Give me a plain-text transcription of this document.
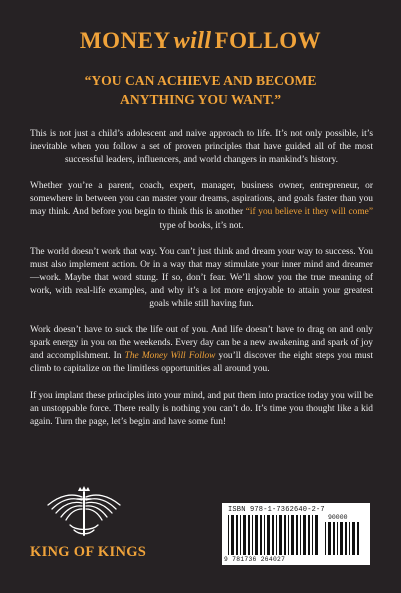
MONEY will FOLLOW
“YOU CAN ACHIEVE AND BECOME
ANYTHING YOU WANT.”

This is not just a child’s adolescent and naive approach to life. It’s not only possible, it’s inevitable when you follow a set of proven principles that have guided all of the most successful leaders, influencers, and world changers in mankind’s history.

Whether you’re a parent, coach, expert, manager, business owner, entrepreneur, or somewhere in between you can master your dreams, aspirations, and goals faster than you may think. And before you begin to think this is another “if you believe it they will come” type of books, it’s not.

The world doesn’t work that way. You can’t just think and dream your way to success. You must also implement action. Or in a way that may stimulate your inner mind and dreamer—work. Maybe that word stung. If so, don’t fear. We’ll show you the true meaning of work, with real-life examples, and why it’s a lot more enjoyable to attain your greatest goals while still having fun.

Work doesn’t have to suck the life out of you. And life doesn’t have to drag on and only spark energy in you on the weekends. Every day can be a new awakening and spark of joy and accomplishment. In The Money Will Follow you’ll discover the eight steps you must climb to capitalize on the limitless opportunities all around you.

If you implant these principles into your mind, and put them into practice today you will be an unstoppable force. There really is nothing you can’t do. It’s time you thought like a kid again. Turn the page, let’s begin and have some fun!

KING OF KINGS
ISBN 978-1-7362640-2-7
90000
9 781736 264027
